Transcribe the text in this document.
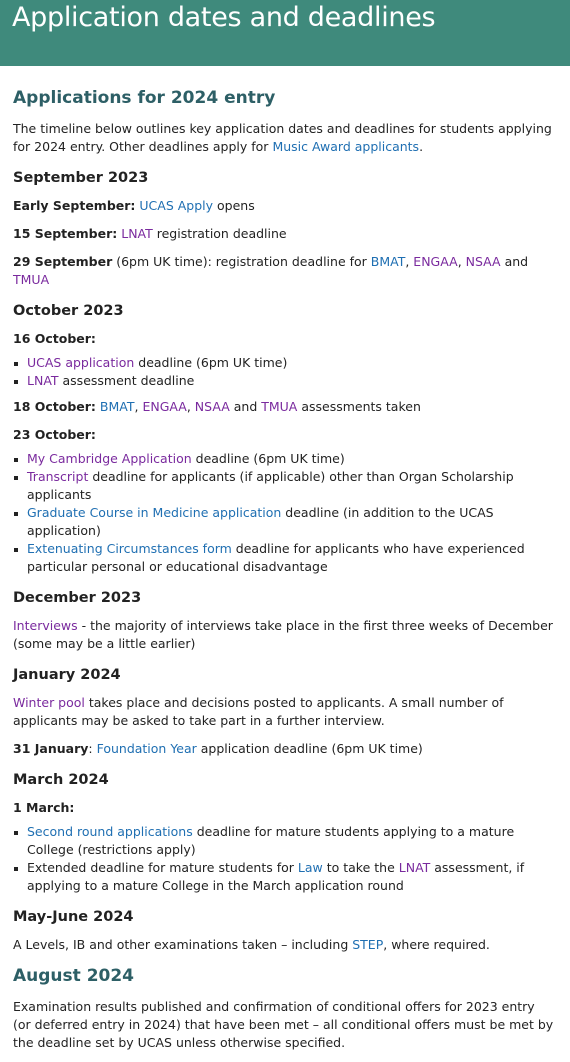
Application dates and deadlines
Applications for 2024 entry

The timeline below outlines key application dates and deadlines for students applying for 2024 entry. Other deadlines apply for Music Award applicants.

September 2023

Early September: UCAS Apply opens

15 September: LNAT registration deadline

29 September (6pm UK time): registration deadline for BMAT, ENGAA, NSAA and TMUA

October 2023

16 October:

UCAS application deadline (6pm UK time)
LNAT assessment deadline

18 October: BMAT, ENGAA, NSAA and TMUA assessments taken

23 October:

My Cambridge Application deadline (6pm UK time)
Transcript deadline for applicants (if applicable) other than Organ Scholarship applicants
Graduate Course in Medicine application deadline (in addition to the UCAS application)
Extenuating Circumstances form deadline for applicants who have experienced particular personal or educational disadvantage
December 2023

Interviews - the majority of interviews take place in the first three weeks of December (some may be a little earlier)

January 2024

Winter pool takes place and decisions posted to applicants. A small number of applicants may be asked to take part in a further interview.

31 January: Foundation Year application deadline (6pm UK time)

March 2024

1 March:

Second round applications deadline for mature students applying to a mature College (restrictions apply)
Extended deadline for mature students for Law to take the LNAT assessment, if applying to a mature College in the March application round
May-June 2024

A Levels, IB and other examinations taken – including STEP, where required.

August 2024

Examination results published and confirmation of conditional offers for 2023 entry (or deferred entry in 2024) that have been met – all conditional offers must be met by the deadline set by UCAS unless otherwise specified.
